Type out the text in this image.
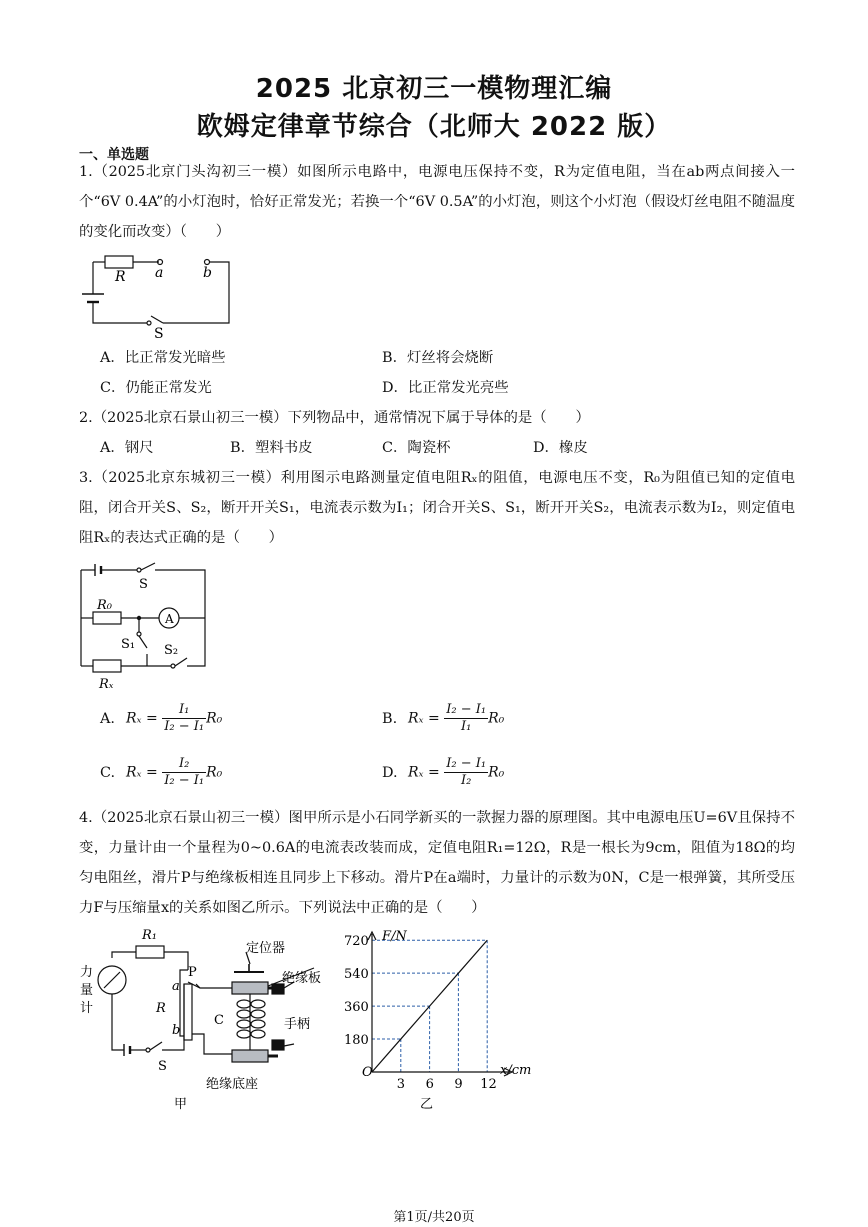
2025 北京初三一模物理汇编
欧姆定律章节综合（北师大 2022 版）
一、单选题
1.（2025北京门头沟初三一模）如图所示电路中，电源电压保持不变，R为定值电阻，当在ab两点间接入一个“6V 0.4A”的小灯泡时，恰好正常发光；若换一个“6V 0.5A”的小灯泡，则这个小灯泡（假设灯丝电阻不随温度的变化而改变）（　　）
R a	b
S
A．比正常发光暗些	B．灯丝将会烧断
C．仍能正常发光	D．比正常发光亮些
2.（2025北京石景山初三一模）下列物品中，通常情况下属于导体的是（　　）
A．钢尺	B．塑料书皮	C．陶瓷杯	D．橡皮
3.（2025北京东城初三一模）利用图示电路测量定值电阻Rₓ的阻值，电源电压不变，R₀为阻值已知的定值电阻，闭合开关S、S₂，断开开关S₁，电流表示数为I₁；闭合开关S、S₁，断开开关S₂，电流表示数为I₂，则定值电阻Rₓ的表达式正确的是（　　）
S
R₀
A
S₁ S₂
Rₓ
A. $R_x = \frac{\text{I₁}}{\text{I₂ − I₁}} R_0$	B. $R_x = \frac{\text{I₂ − I₁}}{\text{I₁}} R_0$
C. $R_x = \frac{\text{I₂}}{\text{I₂ − I₁}} R_0$	D. $R_x = \frac{\text{I₂ − I₁}}{\text{I₂}} R_0$
4.（2025北京石景山初三一模）图甲所示是小石同学新买的一款握力器的原理图。其中电源电压U=6V且保持不变，力量计由一个量程为0~0.6A的电流表改装而成，定值电阻R₁=12Ω，R是一根长为9cm，阻值为18Ω的均匀电阻丝，滑片P与绝缘板相连且同步上下移动。滑片P在a端时，力量计的示数为0N，C是一根弹簧，其所受压力F与压缩量x的关系如图乙所示。下列说法中正确的是（　　）
R₁
力
量
计
P
a
b
R
C
S
定位器
绝缘板
手柄
绝缘底座
甲
3 6 9 12
180
360
540
720 F/N
x/cm
O
乙
第1页/共20页
